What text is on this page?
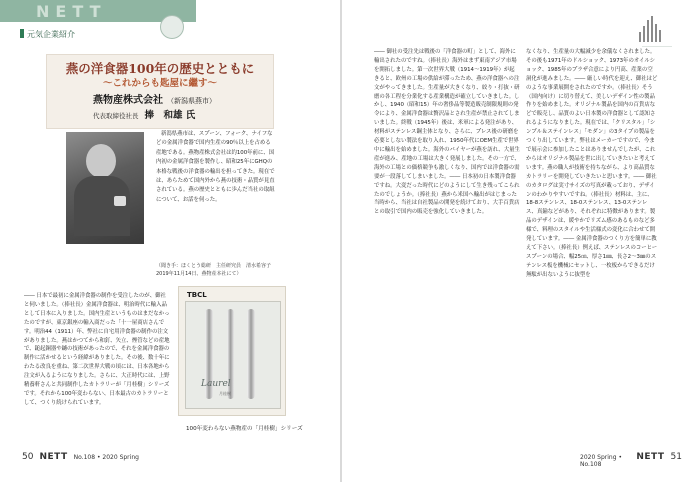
NETT
元気企業紹介
燕の洋食器100年の歴史とともに
〜これからも匙屋に繼す〜
燕物産株式会社 （新潟県燕市）
代表取締役社長 捧　和雄 氏

新潟県燕市は、スプーン、フォーク、ナイフなどの金属洋食器で国内生産の90％以上を占める産地である。燕物産株式会社は約100年前に、国内初の金属洋食器を製作し、昭和25年にGHQの本格な戦後の洋食器の輸出を担ってきた。現在では、あらためて国内外から燕の技術・品質が見直されている。燕の歴史とともに歩んだ当社の取組について、お話を伺った。

（聞き手：ほくとう総研　主任研究員　清水希容子　2019年11月14日、燕物産本社にて）

―― 日本で最初に金属洋食器の制作を受注したのが、御社と伺いました。（捧社長）金属洋食器は、明治時代に輸入品として日本に入りました。国内生産というものはまだなかったのですが、東京銀座の輸入商だった「十一屋商店さんです。明治44（1911）年、弊社に自宅用洋食器の制作の注文がありました。燕はかつてから和釘、矢立、煙管などの産地で、鎚起銅器や鑢の技術があったので、それを金属洋食器の制作に活かせるという経緯がありました。その後、数十年にわたる改良を重ね、第二次世界大戦の頃には、日本各地から注文が入るようになりました。さらに、大正時代には、上野精養軒さんと共同制作したカトラリーが「月桂樹」シリーズです。それから100年変わらない、日本最古のカトラリーとして、つくり続けられています。

TBCL
Laurel
月桂樹
100年変わらない燕物産の「月桂樹」シリーズ
50 NETT No.108 • 2020 Spring

―― 御社の受注先は戦後の「洋食器の町」として、海外に輸出されたのですね。（捧社長）海外はまず東南アジア市場を開拓しました。第一次世界大戦（1914〜1919年）が起きると、欧州の工場の供給が滞ったため、燕の洋食器への注文がやってきました。生産量が大きくなり、絞り・打抜・研磨の各工程を分業化する産業構造が確立していきました。しかし、1940（昭和15）年の奢侈品等製造販売制限規則の発令により、金属洋食器は贅沢品とされ生産が禁止されてしまいました。終戦（1945年）後は、米軍による発注があり、材料がステンレス鋼主体となり、さらに、プレス後の研磨を必要としない製法を取り入れ、1950年代にOEM生産で世界中に輸出を始めました。海外のバイヤーが燕を訪れ、大量生産が進み、産地の工場は大きく発展しました。その一方で、海外の工場との価格競争も激しくなり、国内では洋食器の需要が一段落してしまいました。―― 日本初の日本製洋食器ですね。大変だった時代にどのようにして生き残ってこられたのでしょうか。（捧社長）燕から米国へ輸出がはじまった当時から、当社は自社製品の開発を続けており、大手百貨店との取引で国内の販売を強化していきました。

なくなり、生産量の大幅減少を余儀なくされました。その後も1971年のドルショック、1973年のオイルショック、1985年のプラザ合意により円高、産業の空洞化が進みました。―― 厳しい時代を迎え、御社はどのような事業展開をされたのですか。（捧社長）そう（国内向け）に切り替えて、美しいデザイン性の製品作りを始めました。オリジナル製品を国内の百貨店などで販売し、品質のよい日本製の洋食器として認知されるようになりました。現在では、「クリスタル」「シンプル＆ステインレス」「モダン」の3タイプの製品をつくり出しています。弊社はメーカーですので、今まで展示会に参加したことはありませんでしたが、これからはオリジナル製品を世に出していきたいと考えています。燕の職人が技術を持ちながら、より高品質なカトラリーを開発していきたいと思います。―― 御社のカタログは実寸サイズの写真が載っており、デザインのわかりやすいですね。（捧社長）材料は、主に、18-8ステンレス、18-0ステンレス、13-0ステンレス、真鍮などがあり、それぞれに特徴があります。製品のデザインは、緩やかでリズム感のあるものなど多様で、料理のスタイルや生活様式の変化に合わせて開発しています。―― 金属洋食器のつくり方を簡単に教えて下さい。（捧社長）例えば、ステンレスのコーヒースプーンの場合、幅25㎝、厚さ1㎜、長さ2〜3㎜のステンレス板を機械にセットし、一枚板からできるだけ無駄が出ないように抜型を

2020 Spring • No.108
NETT 51
